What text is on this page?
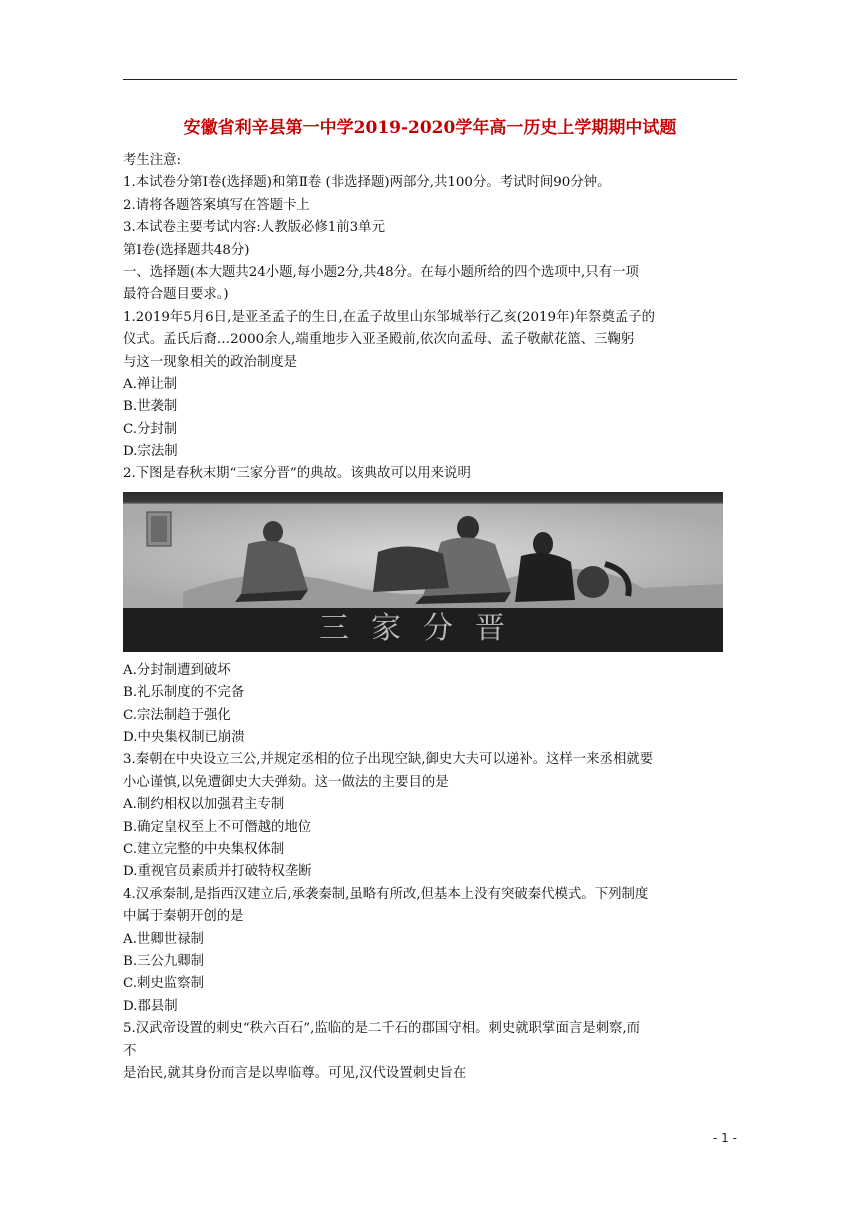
安徽省利辛县第一中学2019-2020学年高一历史上学期期中试题
考生注意:
1.本试卷分第Ⅰ卷(选择题)和第Ⅱ卷 (非选择题)两部分,共100分。考试时间90分钟。
2.请将各题答案填写在答题卡上
3.本试卷主要考试内容:人教版必修1前3单元
第Ⅰ卷(选择题共48分)
一、选择题(本大题共24小题,每小题2分,共48分。在每小题所给的四个选项中,只有一项
最符合题目要求。)
1.2019年5月6日,是亚圣孟子的生日,在孟子故里山东邹城举行乙亥(2019年)年祭奠孟子的
仪式。孟氏后裔…2000余人,端重地步入亚圣殿前,依次向孟母、孟子敬献花篮、三鞠躬
与这一现象相关的政治制度是
A.禅让制
B.世袭制
C.分封制
D.宗法制
2.下图是春秋末期“三家分晋”的典故。该典故可以用来说明
三家分晋
A.分封制遭到破坏
B.礼乐制度的不完备
C.宗法制趋于强化
D.中央集权制已崩溃
3.秦朝在中央设立三公,并规定丞相的位子出现空缺,御史大夫可以递补。这样一来丞相就要
小心谨慎,以免遭御史大夫弹劾。这一做法的主要目的是
A.制约相权以加强君主专制
B.确定皇权至上不可僭越的地位
C.建立完整的中央集权体制
D.重视官员素质并打破特权垄断
4.汉承秦制,是指西汉建立后,承袭秦制,虽略有所改,但基本上没有突破秦代模式。下列制度
中属于秦朝开创的是
A.世卿世禄制
B.三公九卿制
C.刺史监察制
D.郡县制
5.汉武帝设置的刺史“秩六百石”,监临的是二千石的郡国守相。刺史就职掌面言是刺察,而
不
是治民,就其身份而言是以卑临尊。可见,汉代设置刺史旨在
- 1 -
